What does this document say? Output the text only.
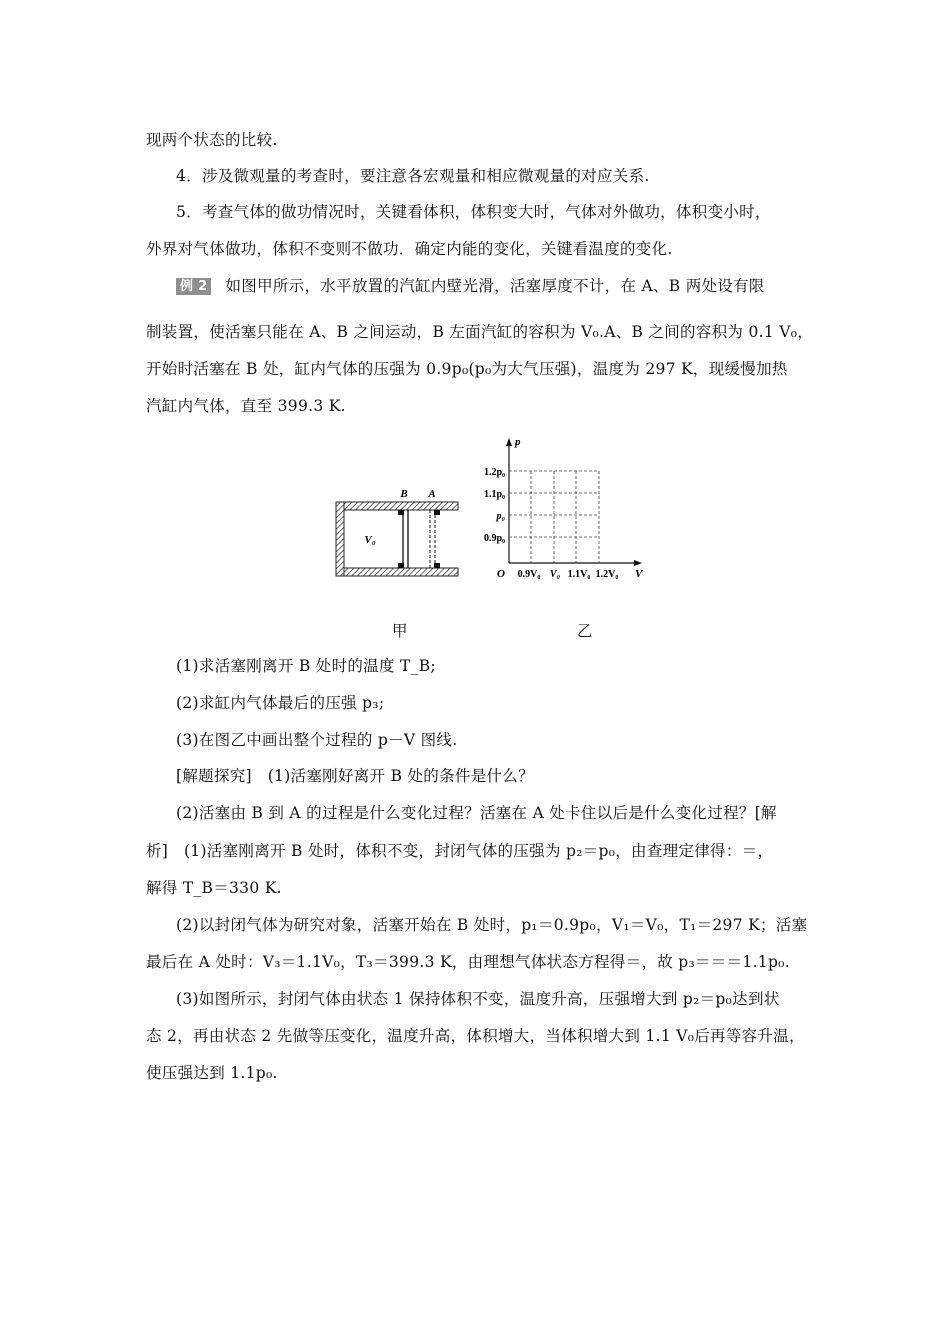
现两个状态的比较.
4．涉及微观量的考查时，要注意各宏观量和相应微观量的对应关系.
5．考查气体的做功情况时，关键看体积，体积变大时，气体对外做功，体积变小时，
外界对气体做功，体积不变则不做功．确定内能的变化，关键看温度的变化.
例 2 如图甲所示，水平放置的汽缸内壁光滑，活塞厚度不计，在 A、B 两处设有限
制装置，使活塞只能在 A、B 之间运动，B 左面汽缸的容积为 V₀.A、B 之间的容积为 0.1 V₀，
开始时活塞在 B 处，缸内气体的压强为 0.9p₀(p₀为大气压强)，温度为 297 K，现缓慢加热
汽缸内气体，直至 399.3 K.
B A
V₀
p
V
O
1.2p₀
1.1p₀
p₀
0.9p₀
0.9V₀ V₀ 1.1V₀ 1.2V₀
甲	乙
(1)求活塞刚离开 B 处时的温度 T_B;
(2)求缸内气体最后的压强 p₃;
(3)在图乙中画出整个过程的 p－V 图线.
[解题探究]　(1)活塞刚好离开 B 处的条件是什么？
(2)活塞由 B 到 A 的过程是什么变化过程？活塞在 A 处卡住以后是什么变化过程？[解
析]　(1)活塞刚离开 B 处时，体积不变，封闭气体的压强为 p₂＝p₀，由查理定律得：＝，
解得 T_B＝330 K.
(2)以封闭气体为研究对象，活塞开始在 B 处时，p₁＝0.9p₀，V₁＝V₀，T₁＝297 K；活塞
最后在 A 处时：V₃＝1.1V₀，T₃＝399.3 K，由理想气体状态方程得＝，故 p₃＝＝＝1.1p₀.
(3)如图所示，封闭气体由状态 1 保持体积不变，温度升高，压强增大到 p₂＝p₀达到状
态 2，再由状态 2 先做等压变化，温度升高，体积增大，当体积增大到 1.1 V₀后再等容升温，
使压强达到 1.1p₀.
